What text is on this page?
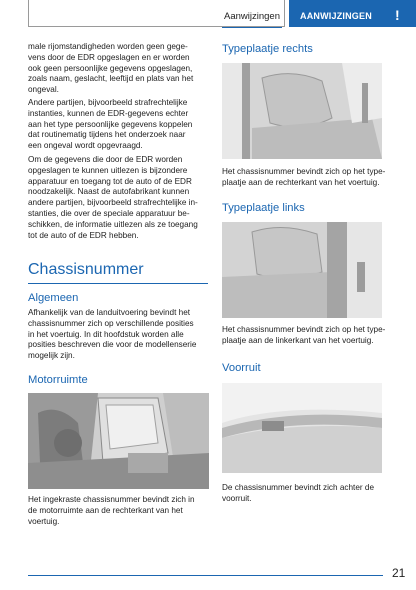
Aanwijzingen AANWIJZINGEN !
male rijomstandigheden worden geen gege-
vens door de EDR opgeslagen en er worden
ook geen persoonlijke gegevens opgeslagen,
zoals naam, geslacht, leeftijd en plats van het
ongeval.
Andere partijen, bijvoorbeeld strafrechtelijke
instanties, kunnen de EDR-gegevens echter
aan het type persoonlijke gegevens koppelen
dat routinematig tijdens het onderzoek naar
een ongeval wordt opgevraagd.
Om de gegevens die door de EDR worden
opgeslagen te kunnen uitlezen is bijzondere
apparatuur en toegang tot de auto of de EDR
noodzakelijk. Naast de autofabrikant kunnen
andere partijen, bijvoorbeeld strafrechtelijke in-
stanties, die over de speciale apparatuur be-
schikken, de informatie uitlezen als ze toegang
tot de auto of de EDR hebben.
Chassisnummer
Algemeen
Afhankelijk van de landuitvoering bevindt het
chassisnummer zich op verschillende posities
in het voertuig. In dit hoofdstuk worden alle
posities beschreven die voor de modellenserie
mogelijk zijn.
Motorruimte
Het ingekraste chassisnummer bevindt zich in
de motorruimte aan de rechterkant van het
voertuig.
Typeplaatje rechts
Het chassisnummer bevindt zich op het type-
plaatje aan de rechterkant van het voertuig.
Typeplaatje links
Het chassisnummer bevindt zich op het type-
plaatje aan de linkerkant van het voertuig.
Voorruit
De chassisnummer bevindt zich achter de
voorruit.
21
